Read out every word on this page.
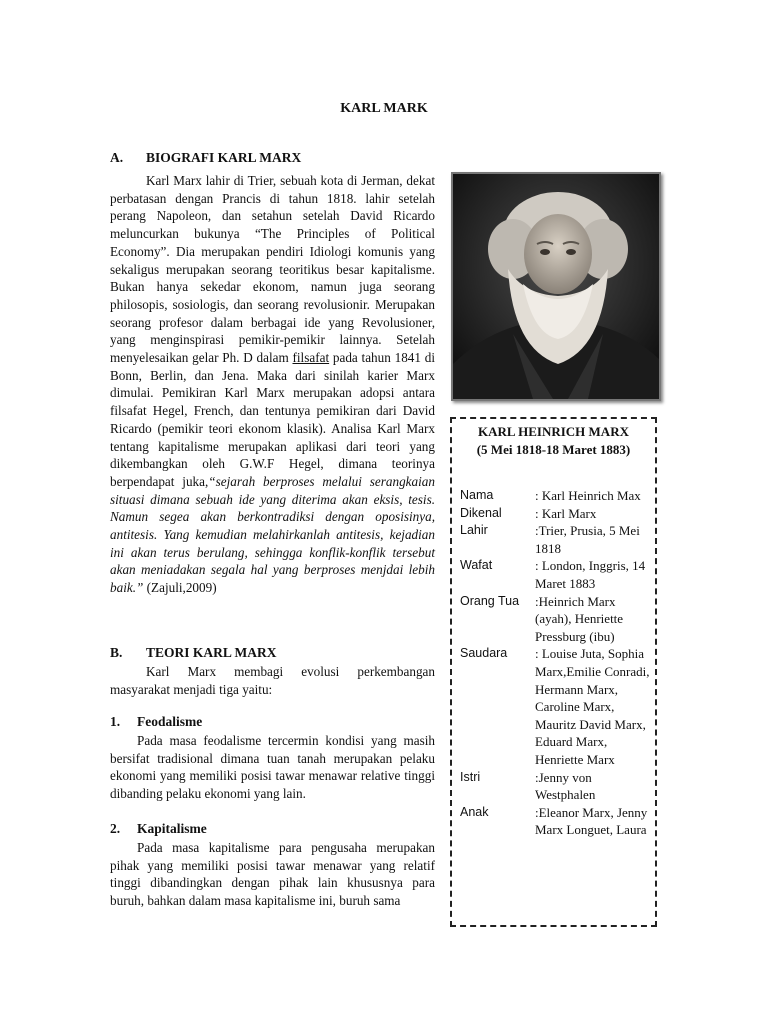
KARL MARK
A. BIOGRAFI KARL MARX
Karl Marx lahir di Trier, sebuah kota di Jerman, dekat perbatasan dengan Prancis di tahun 1818. lahir setelah perang Napoleon, dan setahun setelah David Ricardo meluncurkan bukunya “The Principles of Political Economy”. Dia merupakan pendiri Idiologi komunis yang sekaligus merupakan seorang teoritikus besar kapitalisme. Bukan hanya sekedar ekonom, namun juga seorang philosopis, sosiologis, dan seorang revolusionir. Merupakan seorang profesor dalam berbagai ide yang Revolusioner, yang menginspirasi pemikir-pemikir lainnya. Setelah menyelesaikan gelar Ph. D dalam filsafat pada tahun 1841 di Bonn, Berlin, dan Jena. Maka dari sinilah karier Marx dimulai. Pemikiran Karl Marx merupakan adopsi antara filsafat Hegel, French, dan tentunya pemikiran dari David Ricardo (pemikir teori ekonom klasik). Analisa Karl Marx tentang kapitalisme merupakan aplikasi dari teori yang dikembangkan oleh G.W.F Hegel, dimana teorinya berpendapat juka,“sejarah berproses melalui serangkaian situasi dimana sebuah ide yang diterima akan eksis, tesis. Namun segea akan berkontradiksi dengan oposisinya, antitesis. Yang kemudian melahirkanlah antitesis, kejadian ini akan terus berulang, sehingga konflik-konflik tersebut akan meniadakan segala hal yang berproses menjdai lebih baik.” (Zajuli,2009)
B. TEORI KARL MARX
Karl Marx membagi evolusi perkembangan masyarakat menjadi tiga yaitu:
1. Feodalisme
Pada masa feodalisme tercermin kondisi yang masih bersifat tradisional dimana tuan tanah merupakan pelaku ekonomi yang memiliki posisi tawar menawar relative tinggi dibanding pelaku ekonomi yang lain.
2. Kapitalisme
Pada masa kapitalisme para pengusaha merupakan pihak yang memiliki posisi tawar menawar yang relatif tinggi dibandingkan dengan pihak lain khususnya para buruh, bahkan dalam masa kapitalisme ini, buruh sama
KARL HEINRICH MARX
(5 Mei 1818-18 Maret 1883)
Nama	: Karl Heinrich Max
Dikenal	: Karl Marx
Lahir	:Trier, Prusia, 5 Mei 1818
Wafat	: London, Inggris, 14 Maret 1883
Orang Tua	:Heinrich Marx (ayah), Henriette Pressburg (ibu)
Saudara	: Louise Juta, Sophia Marx,Emilie Conradi, Hermann Marx, Caroline Marx, Mauritz David Marx, Eduard Marx, Henriette Marx
Istri	:Jenny von Westphalen
Anak	:Eleanor Marx, Jenny Marx Longuet, Laura
